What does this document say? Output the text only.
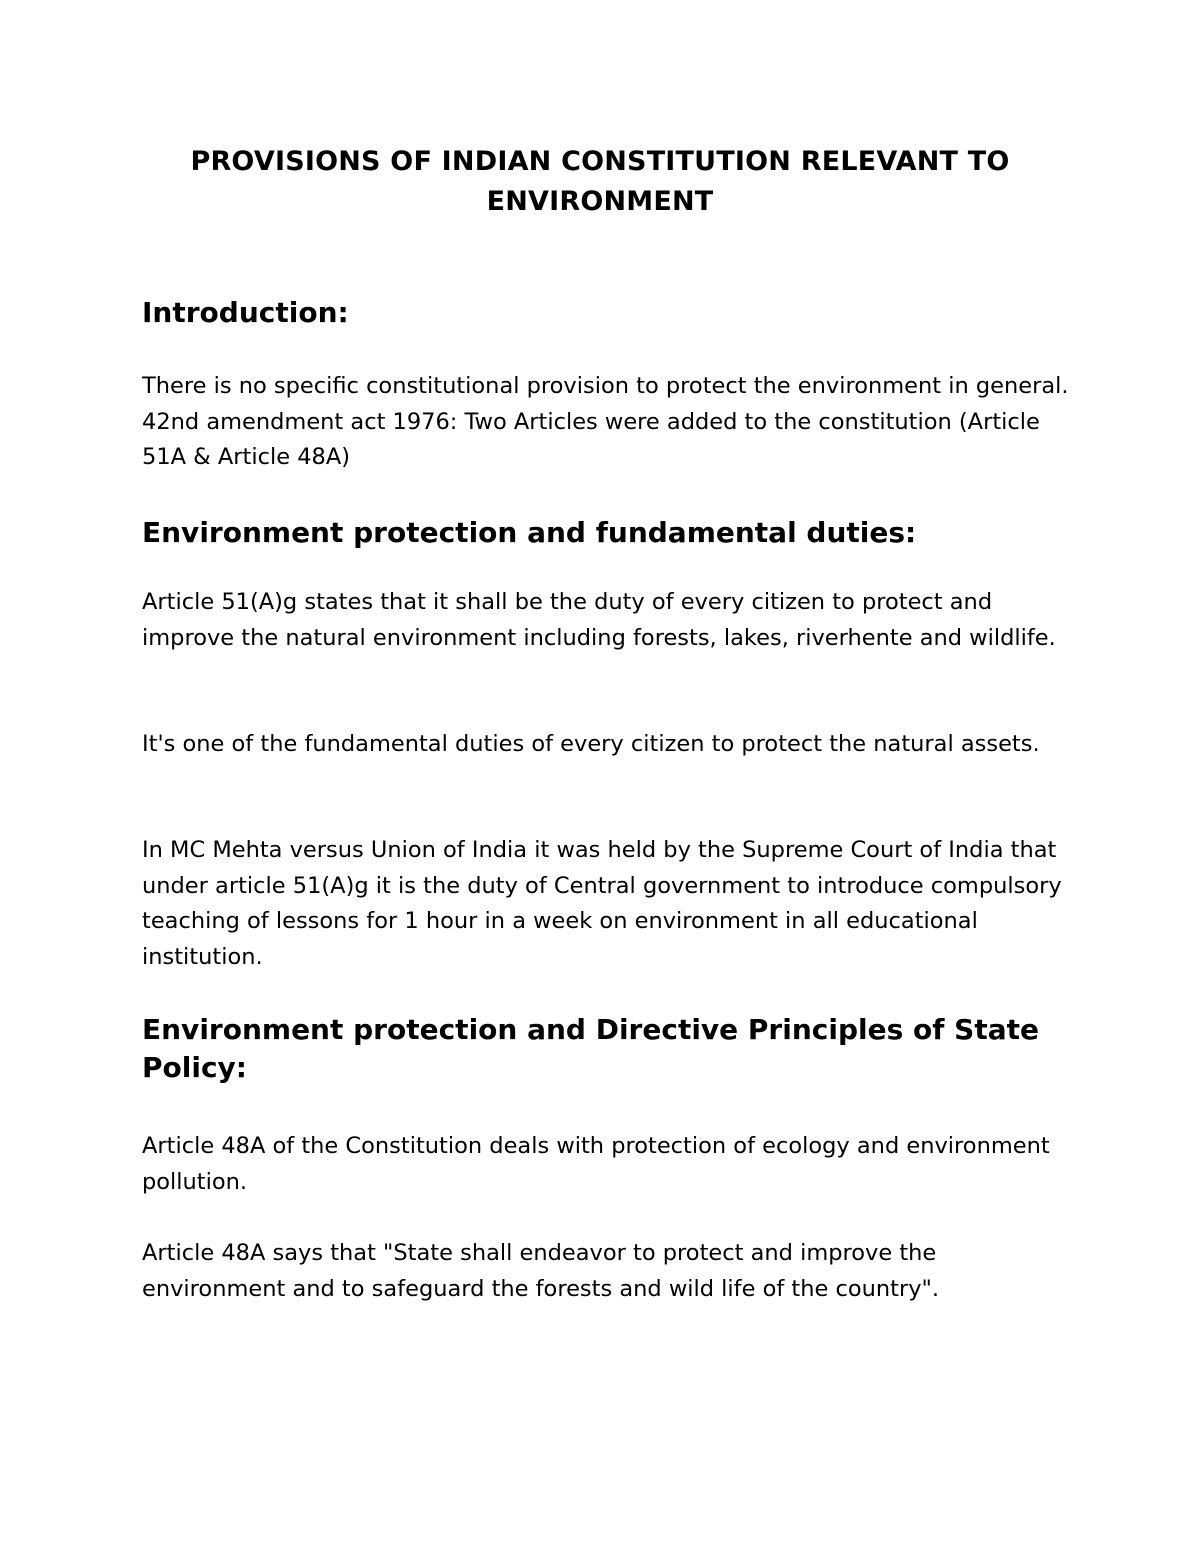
PROVISIONS OF INDIAN CONSTITUTION RELEVANT TO ENVIRONMENT
Introduction:

There is no specific constitutional provision to protect the environment in general. 42nd amendment act 1976: Two Articles were added to the constitution (Article 51A & Article 48A)

Environment protection and fundamental duties:

Article 51(A)g states that it shall be the duty of every citizen to protect and improve the natural environment including forests, lakes, riverhente and wildlife.

It's one of the fundamental duties of every citizen to protect the natural assets.

In MC Mehta versus Union of India it was held by the Supreme Court of India that under article 51(A)g it is the duty of Central government to introduce compulsory teaching of lessons for 1 hour in a week on environment in all educational institution.

Environment protection and Directive Principles of State Policy:

Article 48A of the Constitution deals with protection of ecology and environment pollution.

Article 48A says that "State shall endeavor to protect and improve the environment and to safeguard the forests and wild life of the country".
